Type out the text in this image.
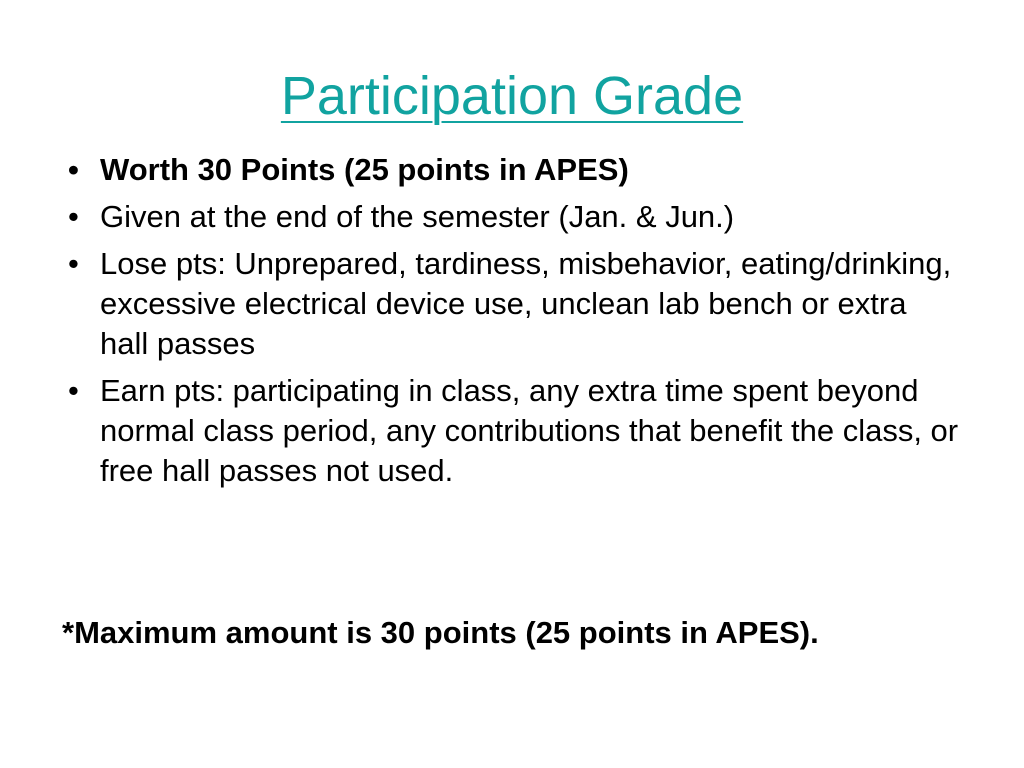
Participation Grade
• Worth 30 Points (25 points in APES)
• Given at the end of the semester (Jan. & Jun.)
• Lose pts: Unprepared, tardiness, misbehavior, eating/drinking, excessive electrical device use, unclean lab bench or extra hall passes
• Earn pts: participating in class, any extra time spent beyond normal class period, any contributions that benefit the class, or free hall passes not used.
*Maximum amount is 30 points (25 points in APES).
